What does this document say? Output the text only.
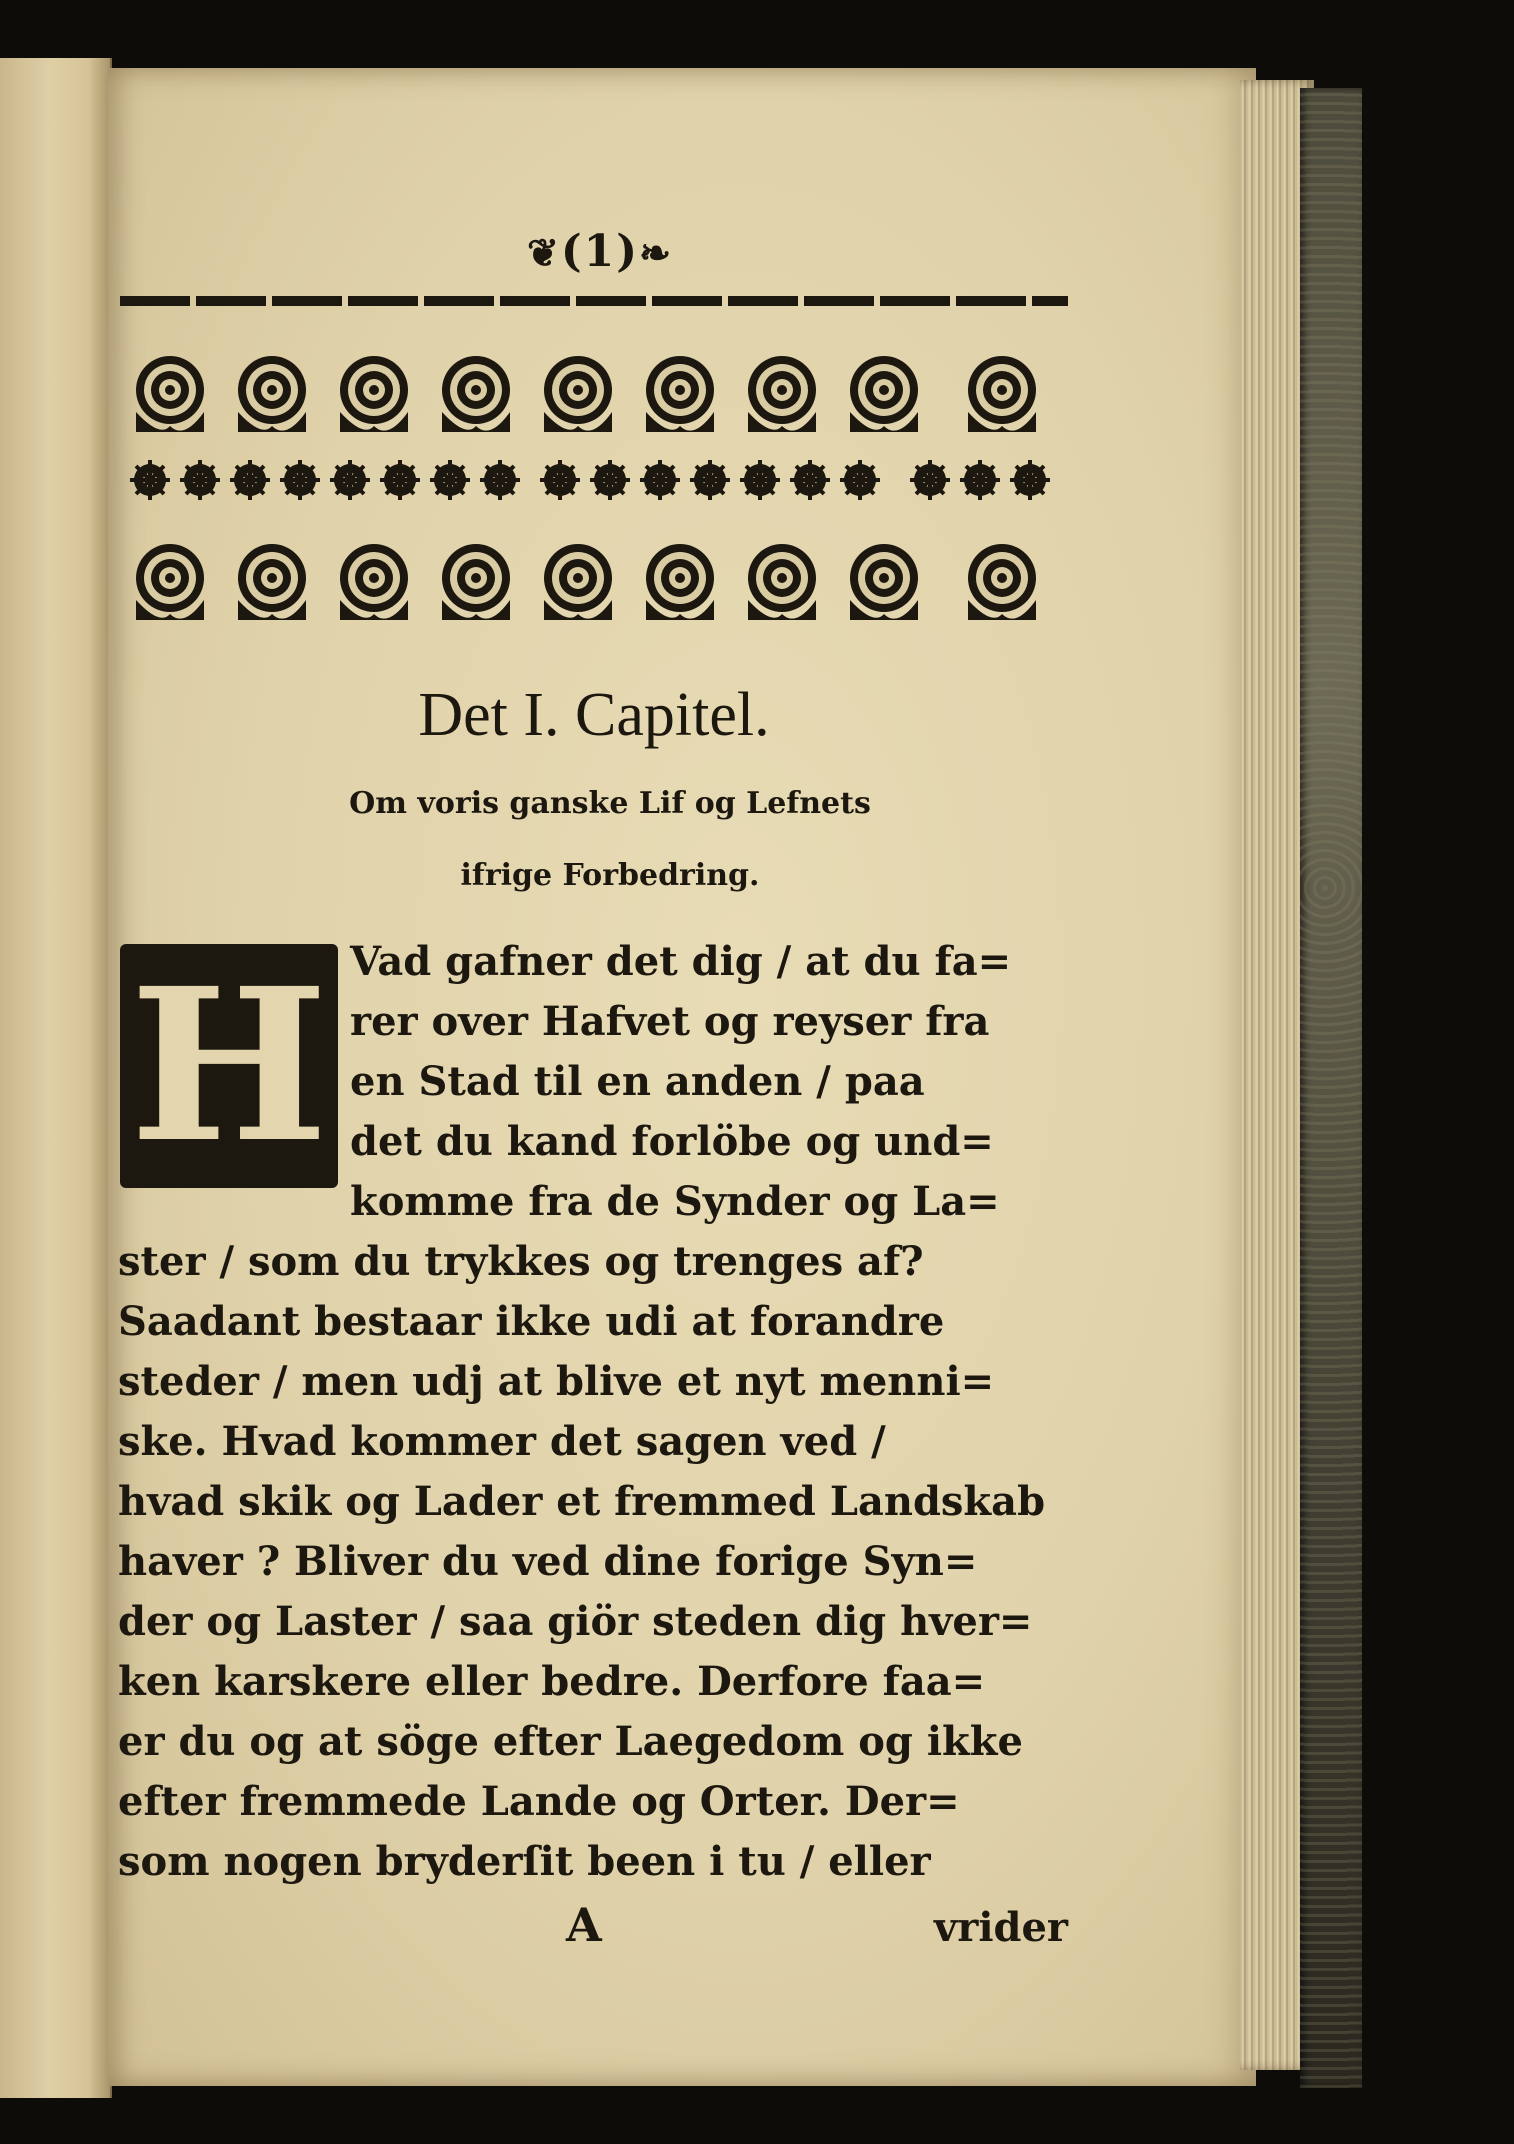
❦(1)❧
Det I. Capitel.
Om voris ganske Lif og Lefnets
ifrige Forbedring.
H Vad gafner det dig / at du fa=
rer over Hafvet og reyser fra
en Stad til en anden / paa
det du kand forlöbe og und=
komme fra de Synder og La=
ster / som du trykkes og trenges af?
Saadant bestaar ikke udi at forandre
steder / men udj at blive et nyt menni=
ske. Hvad kommer det sagen ved /
hvad skik og Lader et fremmed Landskab
haver ? Bliver du ved dine forige Syn=
der og Laster / saa giör steden dig hver=
ken karskere eller bedre. Derfore faa=
er du og at söge efter Laegedom og ikke
efter fremmede Lande og Orter. Der=
som nogen bryderſit been i tu / eller
A	vrider
